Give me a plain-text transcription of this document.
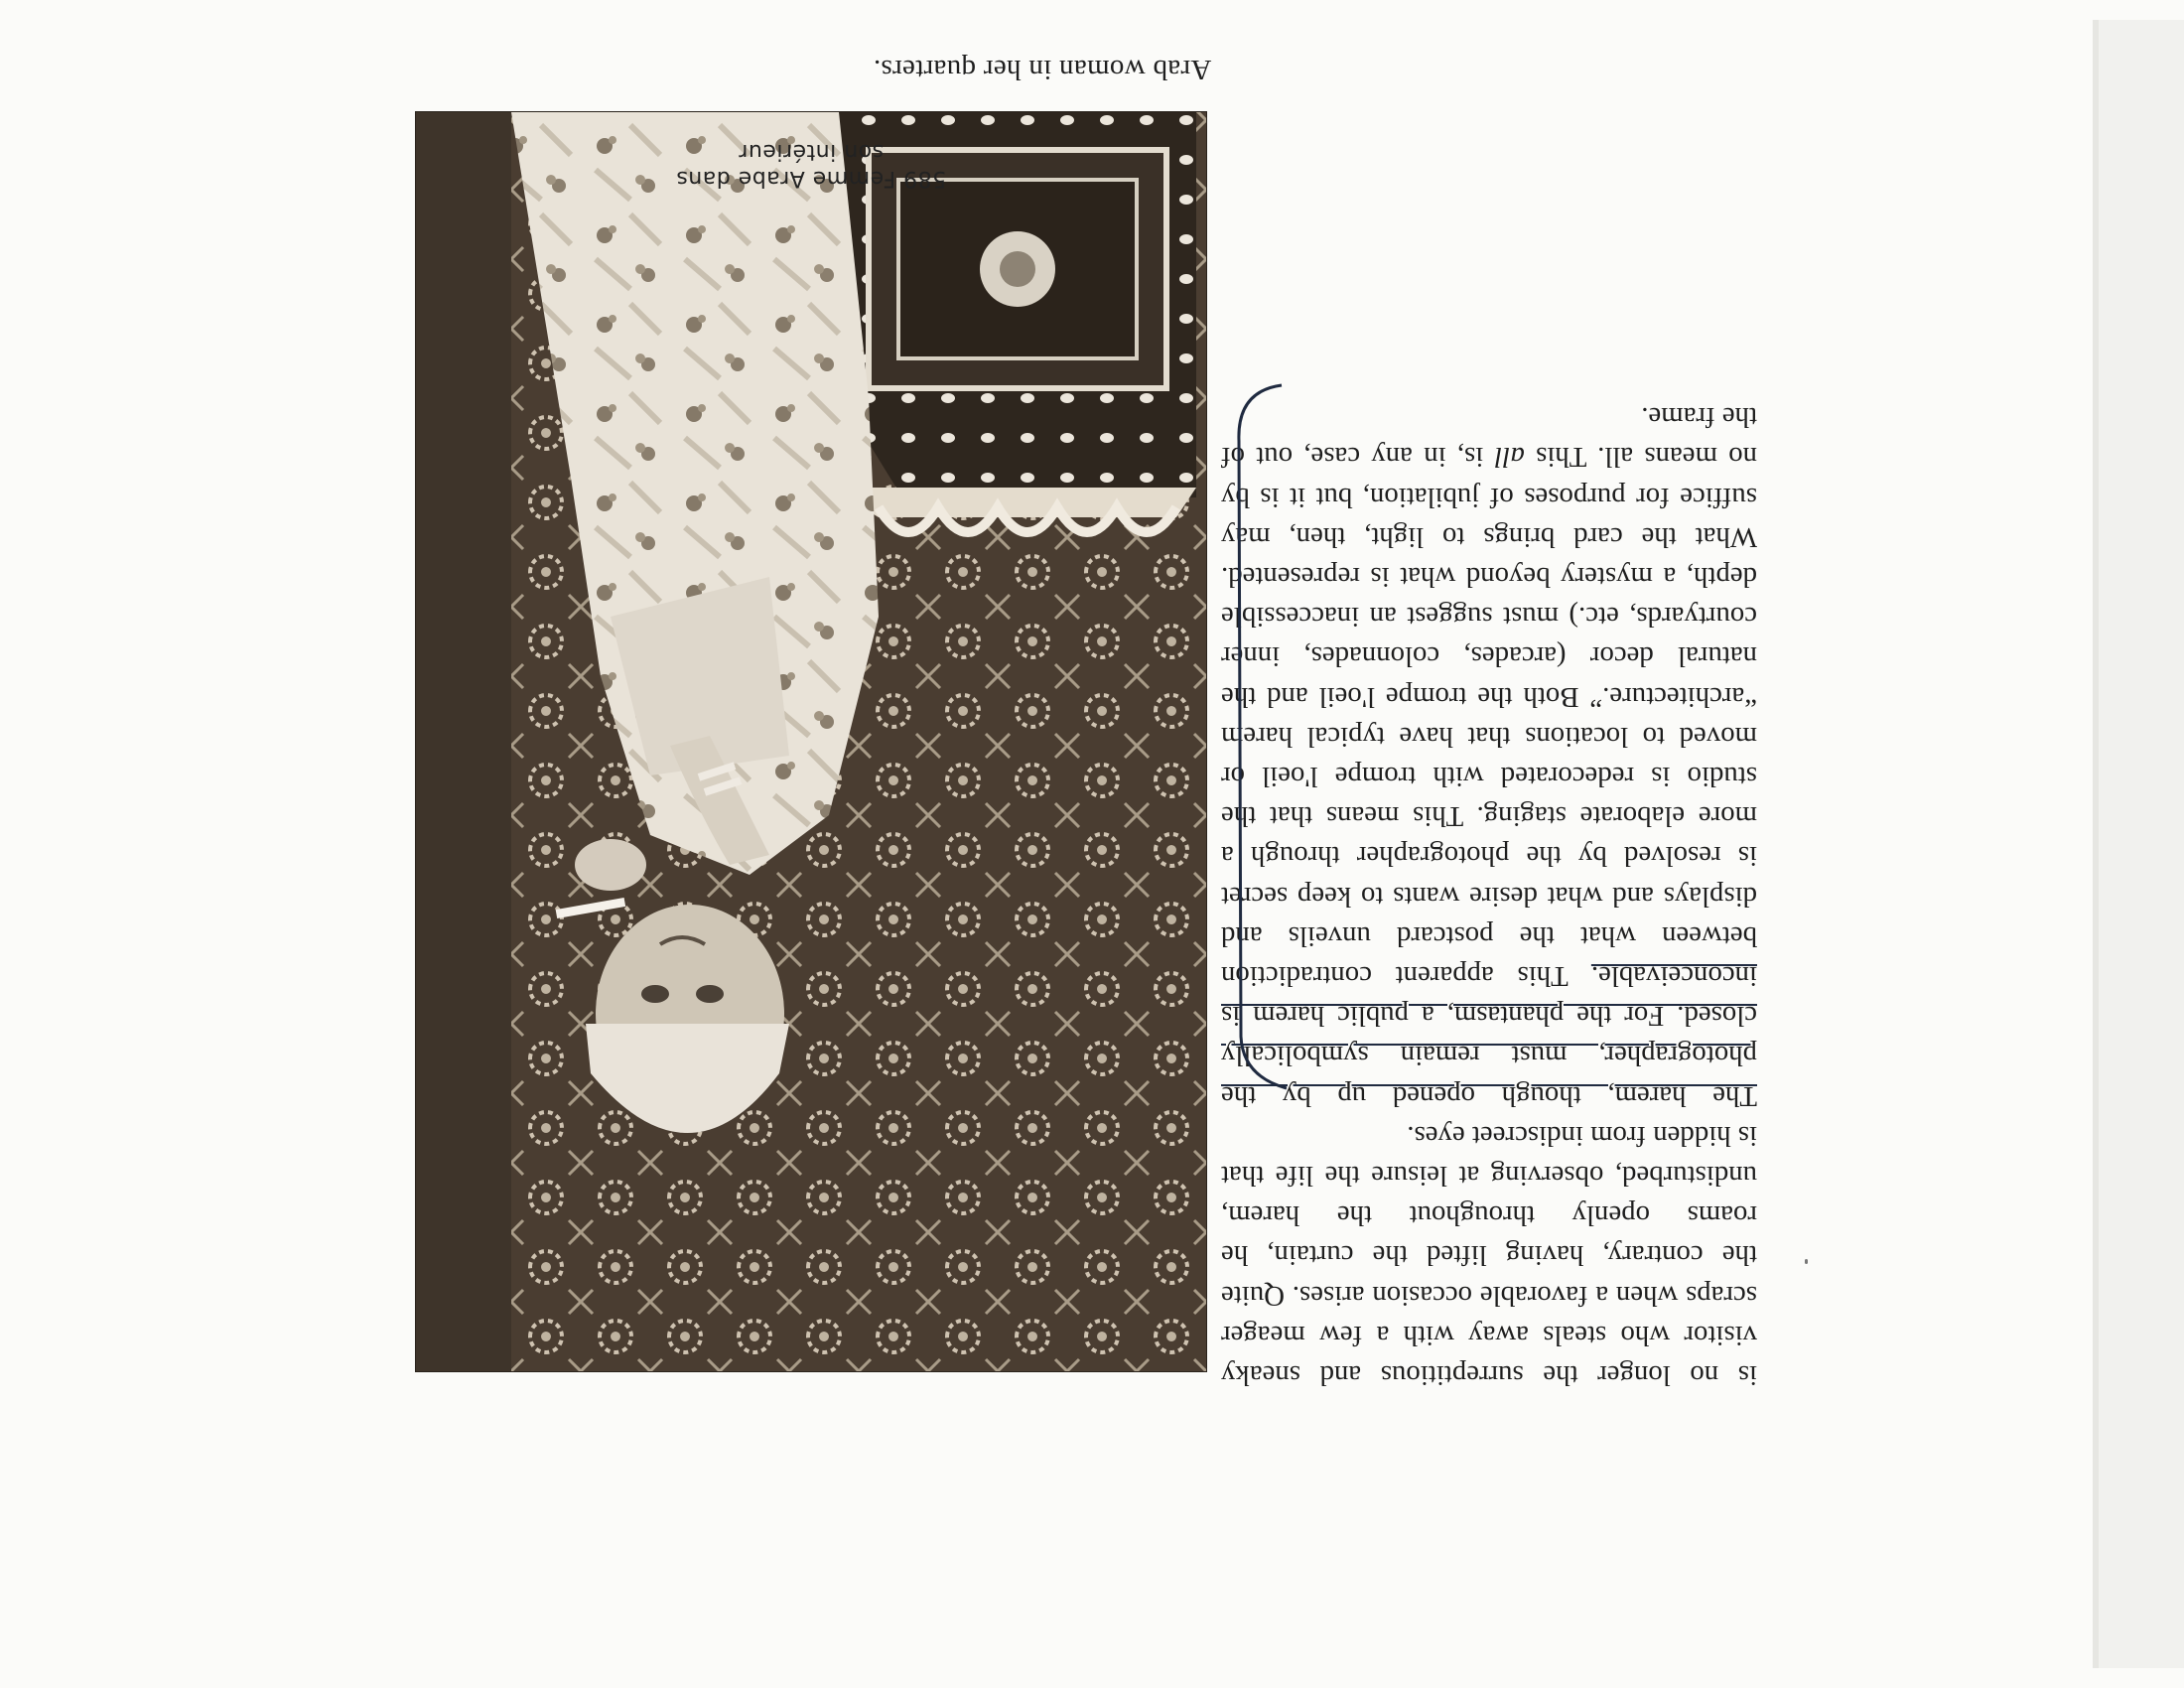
Arab woman in her quarters.
589 Femme Arabe dans
son intérieur

is no longer the surreptitious and sneaky visitor who steals away with a few meager scraps when a favorable occasion arises. Quite the contrary, having lifted the curtain, he roams openly throughout the harem, undisturbed, observing at leisure the life that is hidden from indiscreet eyes.

The harem, though opened up by the photographer, must remain symbolically closed. For the phantasm, a public harem is inconceivable. This apparent contradiction between what the postcard unveils and displays and what desire wants to keep secret is resolved by the photographer through a more elaborate staging. This means that the studio is redecorated with trompe l'oeil or moved to locations that have typical harem “architecture.” Both the trompe l'oeil and the natural decor (arcades, colonnades, inner courtyards, etc.) must suggest an inaccessible depth, a mystery beyond what is represented. What the card brings to light, then, may suffice for purposes of jubilation, but it is by no means all. This all is, in any case, out of the frame.
